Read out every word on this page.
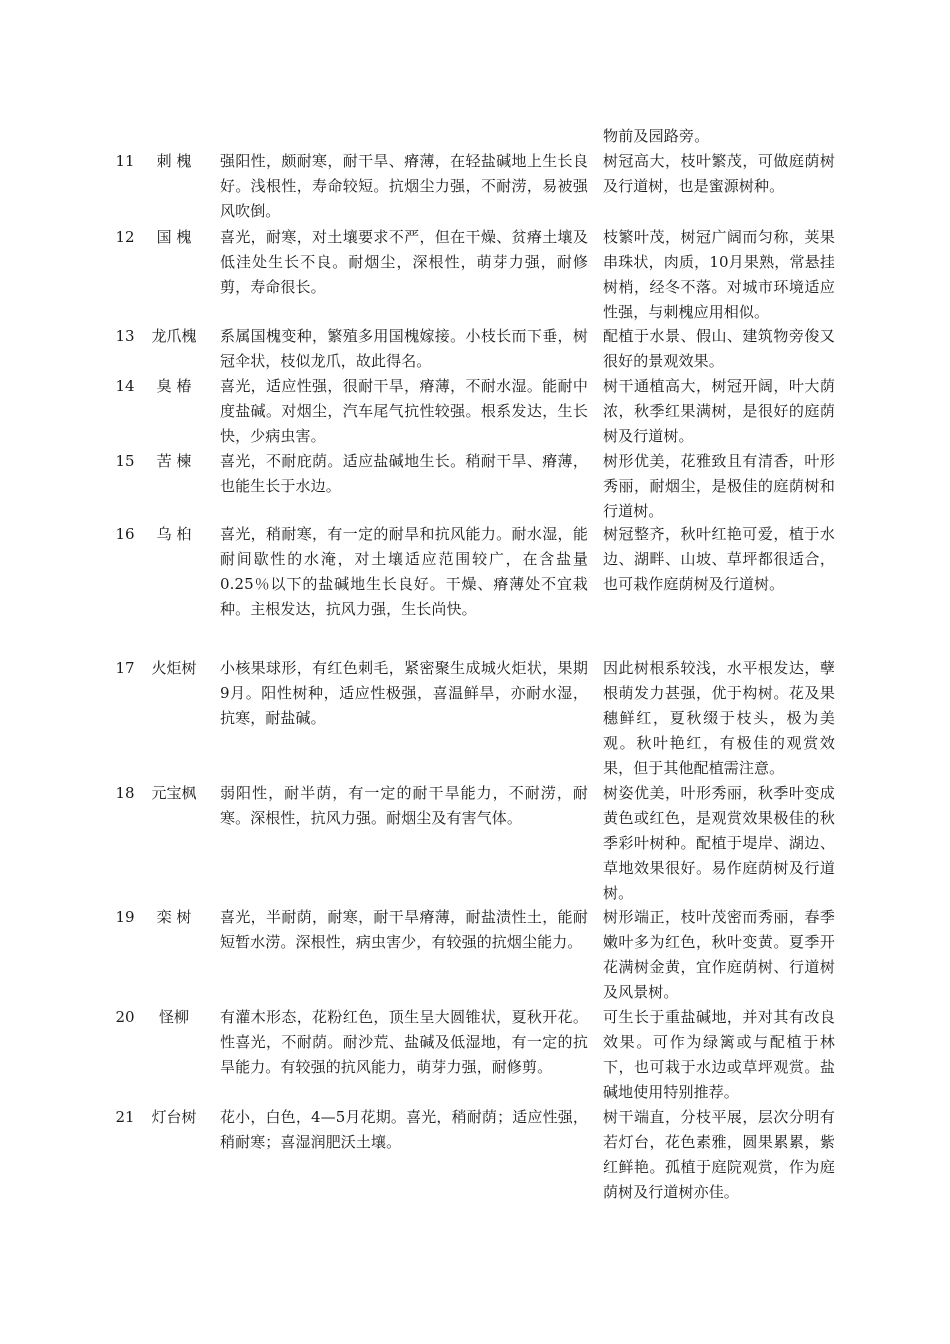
物前及园路旁。
11	刺 槐	强阳性，颇耐寒，耐干旱、瘠薄，在轻盐碱地上生长良好。浅根性，寿命较短。抗烟尘力强，不耐涝，易被强风吹倒。
树冠高大，枝叶繁茂，可做庭荫树及行道树，也是蜜源树种。
12	国 槐	喜光，耐寒，对土壤要求不严，但在干燥、贫瘠土壤及低洼处生长不良。耐烟尘，深根性，萌芽力强，耐修剪，寿命很长。
枝繁叶茂，树冠广阔而匀称，荚果串珠状，肉质，10月果熟，常悬挂树梢，经冬不落。对城市环境适应性强，与刺槐应用相似。
13	龙爪槐 系属国槐变种，繁殖多用国槐嫁接。小枝长而下垂，树冠伞状，枝似龙爪，故此得名。
配植于水景、假山、建筑物旁俊又很好的景观效果。
14	臭 椿	喜光，适应性强，很耐干旱，瘠薄，不耐水湿。能耐中度盐碱。对烟尘，汽车尾气抗性较强。根系发达，生长快，少病虫害。
树干通植高大，树冠开阔，叶大荫浓，秋季红果满树，是很好的庭荫树及行道树。
15	苦 楝	喜光，不耐庇荫。适应盐碱地生长。稍耐干旱、瘠薄，也能生长于水边。
树形优美，花雅致且有清香，叶形秀丽，耐烟尘，是极佳的庭荫树和行道树。
16	乌 桕	喜光，稍耐寒，有一定的耐旱和抗风能力。耐水湿，能耐间歇性的水淹，对土壤适应范围较广，在含盐量0.25％以下的盐碱地生长良好。干燥、瘠薄处不宜栽种。主根发达，抗风力强，生长尚快。
树冠整齐，秋叶红艳可爱，植于水边、湖畔、山坡、草坪都很适合，也可栽作庭荫树及行道树。
17	火炬树 小核果球形，有红色刺毛，紧密聚生成城火炬状，果期9月。阳性树种，适应性极强，喜温鲜旱，亦耐水湿，抗寒，耐盐碱。
因此树根系较浅，水平根发达，孽根萌发力甚强，优于构树。花及果穗鲜红，夏秋缀于枝头，极为美观。秋叶艳红，有极佳的观赏效果，但于其他配植需注意。
18	元宝枫 弱阳性，耐半荫，有一定的耐干旱能力，不耐涝，耐寒。深根性，抗风力强。耐烟尘及有害气体。
树姿优美，叶形秀丽，秋季叶变成黄色或红色，是观赏效果极佳的秋季彩叶树种。配植于堤岸、湖边、草地效果很好。易作庭荫树及行道树。
19	栾 树	喜光，半耐荫，耐寒，耐干旱瘠薄，耐盐渍性土，能耐短暂水涝。深根性，病虫害少，有较强的抗烟尘能力。
树形端正，枝叶茂密而秀丽，春季嫩叶多为红色，秋叶变黄。夏季开花满树金黄，宜作庭荫树、行道树及风景树。
20	怪柳	有灌木形态，花粉红色，顶生呈大圆锥状，夏秋开花。性喜光，不耐荫。耐沙荒、盐碱及低湿地，有一定的抗旱能力。有较强的抗风能力，萌芽力强，耐修剪。
可生长于重盐碱地，并对其有改良效果。可作为绿篱或与配植于林下，也可栽于水边或草坪观赏。盐碱地使用特别推荐。
21	灯台树 花小，白色，4—5月花期。喜光，稍耐荫；适应性强，稍耐寒；喜湿润肥沃土壤。
树干端直，分枝平展，层次分明有若灯台，花色素雅，圆果累累，紫红鲜艳。孤植于庭院观赏，作为庭荫树及行道树亦佳。
